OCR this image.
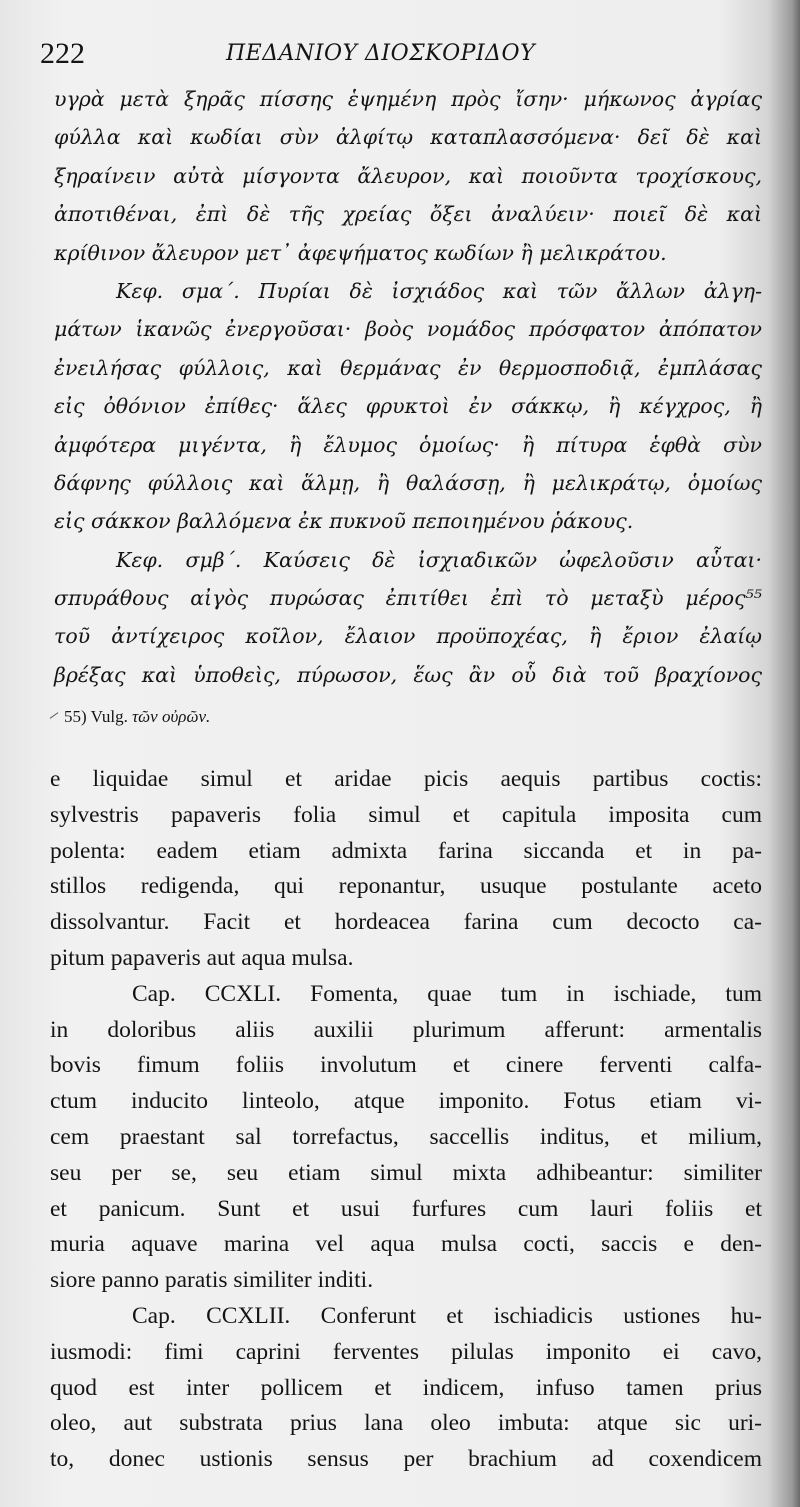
222	ΠΕΔΑΝΙΟΥ ΔΙΟΣΚΟΡΙΔΟΥ
υγρὰ μετὰ ξηρᾶς πίσσης ἑψημένη πρὸς ἴσην· μήκωνος ἀγρίας
φύλλα καὶ κωδίαι σὺν ἀλφίτῳ καταπλασσόμενα· δεῖ δὲ καὶ
ξηραίνειν αὐτὰ μίσγοντα ἄλευρον, καὶ ποιοῦντα τροχίσκους,
ἀποτιθέναι, ἐπὶ δὲ τῆς χρείας ὄξει ἀναλύειν· ποιεῖ δὲ καὶ
κρίθινον ἄλευρον μετ᾽ ἀφεψήματος κωδίων ἢ μελικράτου.
Κεφ. σμα΄. Πυρίαι δὲ ἰσχιάδος καὶ τῶν ἄλλων ἀλγη-
μάτων ἱκανῶς ἐνεργοῦσαι· βοὸς νομάδος πρόσφατον ἀπόπατον
ἐνειλήσας φύλλοις, καὶ θερμάνας ἐν θερμοσποδιᾷ, ἐμπλάσας
εἰς ὀθόνιον ἐπίθες· ἅλες φρυκτοὶ ἐν σάκκῳ, ἢ κέγχρος, ἢ
ἀμφότερα μιγέντα, ἢ ἔλυμος ὁμοίως· ἢ πίτυρα ἑφθὰ σὺν
δάφνης φύλλοις καὶ ἅλμῃ, ἢ θαλάσσῃ, ἢ μελικράτῳ, ὁμοίως
εἰς σάκκον βαλλόμενα ἐκ πυκνοῦ πεποιημένου ῥάκους.
Κεφ. σμβ΄. Καύσεις δὲ ἰσχιαδικῶν ὠφελοῦσιν αὗται·
σπυράθους αἰγὸς πυρώσας ἐπιτίθει ἐπὶ τὸ μεταξὺ μέρος⁵⁵
τοῦ ἀντίχειρος κοῖλον, ἔλαιον προϋποχέας, ἢ ἔριον ἐλαίῳ
βρέξας καὶ ὑποθεὶς, πύρωσον, ἕως ἂν οὗ διὰ τοῦ βραχίονος
55) Vulg. τῶν οὐρῶν.
e liquidae simul et aridae picis aequis partibus coctis:
sylvestris papaveris folia simul et capitula imposita cum
polenta: eadem etiam admixta farina siccanda et in pa-
stillos redigenda, qui reponantur, usuque postulante aceto
dissolvantur. Facit et hordeacea farina cum decocto ca-
pitum papaveris aut aqua mulsa.
Cap. CCXLI. Fomenta, quae tum in ischiade, tum
in doloribus aliis auxilii plurimum afferunt: armentalis
bovis fimum foliis involutum et cinere ferventi calfa-
ctum inducito linteolo, atque imponito. Fotus etiam vi-
cem praestant sal torrefactus, saccellis inditus, et milium,
seu per se, seu etiam simul mixta adhibeantur: similiter
et panicum. Sunt et usui furfures cum lauri foliis et
muria aquave marina vel aqua mulsa cocti, saccis e den-
siore panno paratis similiter inditi.
Cap. CCXLII. Conferunt et ischiadicis ustiones hu-
iusmodi: fimi caprini ferventes pilulas imponito ei cavo,
quod est inter pollicem et indicem, infuso tamen prius
oleo, aut substrata prius lana oleo imbuta: atque sic uri-
to, donec ustionis sensus per brachium ad coxendicem
